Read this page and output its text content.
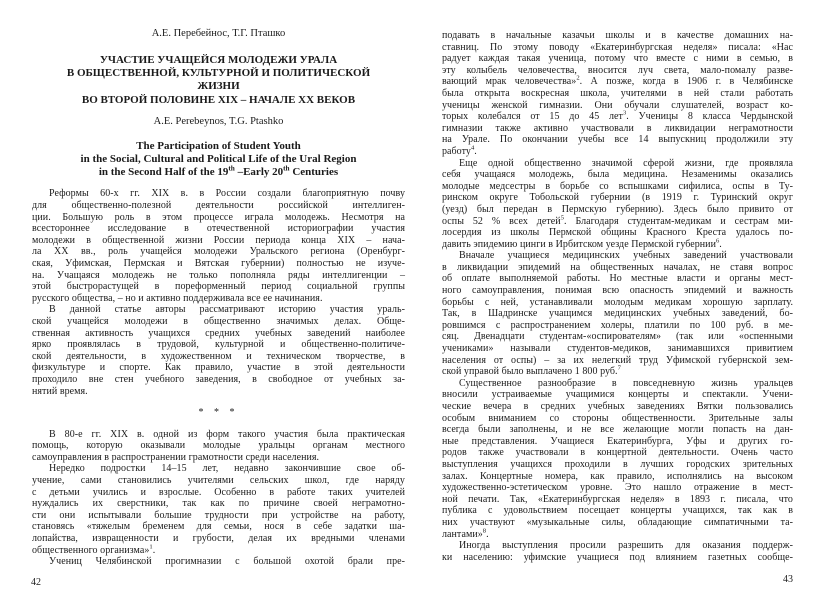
А.Е. Перебейнос, Т.Г. Пташко
УЧАСТИЕ УЧАЩЕЙСЯ МОЛОДЕЖИ УРАЛА
В ОБЩЕСТВЕННОЙ, КУЛЬТУРНОЙ И ПОЛИТИЧЕСКОЙ
ЖИЗНИ
ВО ВТОРОЙ ПОЛОВИНЕ XIX – НАЧАЛЕ XX ВЕКОВ
A.E. Perebeynos, T.G. Ptashko
The Participation of Student Youth
in the Social, Cultural and Political Life of the Ural Region
in the Second Half of the 19th –Early 20th Centuries
Реформы 60-х гг. XIX в. в России создали благоприятную почву
для общественно-полезной деятельности российской интеллиген-
ции. Большую роль в этом процессе играла молодежь. Несмотря на
всестороннее исследование в отечественной историографии участия
молодежи в общественной жизни России периода конца XIX – нача-
ла XX вв., роль учащейся молодежи Уральского региона (Оренбург-
ская, Уфимская, Пермская и Вятская губернии) полностью не изуче-
на. Учащаяся молодежь не только пополняла ряды интеллигенции –
этой быстрорастущей в пореформенный период социальной группы
русского общества, – но и активно поддерживала все ее начинания.
В данной статье авторы рассматривают историю участия ураль-
ской учащейся молодежи в общественно значимых делах. Обще-
ственная активность учащихся средних учебных заведений наиболее
ярко проявлялась в трудовой, культурной и общественно-политиче-
ской деятельности, в художественном и техническом творчестве, в
физкультуре и спорте. Как правило, участие в этой деятельности
проходило вне стен учебного заведения, в свободное от учебных за-
нятий время.
* * *
В 80-е гг. XIX в. одной из форм такого участия была практическая
помощь, которую оказывали молодые уральцы органам местного
самоуправления в распространении грамотности среди населения.
Нередко подростки 14–15 лет, недавно закончившие свое об-
учение, сами становились учителями сельских школ, где наряду
с детьми учились и взрослые. Особенно в работе таких учителей
нуждались их сверстники, так как по причине своей неграмотно-
сти они испытывали большие трудности при устройстве на работу,
становясь «тяжелым бременем для семьи, нося в себе задатки ша-
лопайства, извращенности и грубости, делая их вредными членами
общественного организма»$^1$.
Учениц Челябинской прогимназии с большой охотой брали пре-
42
подавать в начальные казачьи школы и в качестве домашних на-
ставниц. По этому поводу «Екатеринбургская неделя» писала: «Нас
радует каждая такая ученица, потому что вместе с ними в семью, в
эту колыбель человечества, вносится луч света, мало-помалу разве-
вающий мрак человечества»$^2$. А позже, когда в 1906 г. в Челябинске
была открыта воскресная школа, учителями в ней стали работать
ученицы женской гимназии. Они обучали слушателей, возраст ко-
торых колебался от 15 до 45 лет$^3$. Ученицы 8 класса Чердынской
гимназии также активно участвовали в ликвидации неграмотности
на Урале. По окончании учебы все 14 выпускниц продолжили эту
работу$^4$.
Еще одной общественно значимой сферой жизни, где проявляла
себя учащаяся молодежь, была медицина. Незаменимы оказались
молодые медсестры в борьбе со вспышками сифилиса, оспы в Ту-
ринском округе Тобольской губернии (в 1919 г. Туринский округ
(уезд) был передан в Пермскую губернию). Здесь было привито от
оспы 52 % всех детей$^5$. Благодаря студентам-медикам и сестрам ми-
лосердия из школы Пермской общины Красного Креста удалось по-
давить эпидемию цинги в Ирбитском уезде Пермской губернии$^6$.
Вначале учащиеся медицинских учебных заведений участвовали
в ликвидации эпидемий на общественных началах, не ставя вопрос
об оплате выполняемой работы. Но местные власти и органы мест-
ного самоуправления, понимая всю опасность эпидемий и важность
борьбы с ней, устанавливали молодым медикам хорошую зарплату.
Так, в Шадринске учащимся медицинских учебных заведений, бо-
ровшимся с распространением холеры, платили по 100 руб. в ме-
сяц. Двенадцати студентам-«оспирователям» (так или «оспенными
учениками» называли студентов-медиков, занимавшихся привитием
населения от оспы) – за их нелегкий труд Уфимской губернской зем-
ской управой было выплачено 1 800 руб.$^7$
Существенное разнообразие в повседневную жизнь уральцев
вносили устраиваемые учащимися концерты и спектакли. Учени-
ческие вечера в средних учебных заведениях Вятки пользовались
особым вниманием со стороны общественности. Зрительные залы
всегда были заполнены, и не все желающие могли попасть на дан-
ные представления. Учащиеся Екатеринбурга, Уфы и других го-
родов также участвовали в концертной деятельности. Очень часто
выступления учащихся проходили в лучших городских зрительных
залах. Концертные номера, как правило, исполнялись на высоком
художественно-эстетическом уровне. Это нашло отражение в мест-
ной печати. Так, «Екатеринбургская неделя» в 1893 г. писала, что
публика с удовольствием посещает концерты учащихся, так как в
них участвуют «музыкальные силы, обладающие симпатичными та-
лантами»$^8$.
Иногда выступления просили разрешить для оказания поддерж-
ки населению: уфимские учащиеся под влиянием газетных сообще-
43
